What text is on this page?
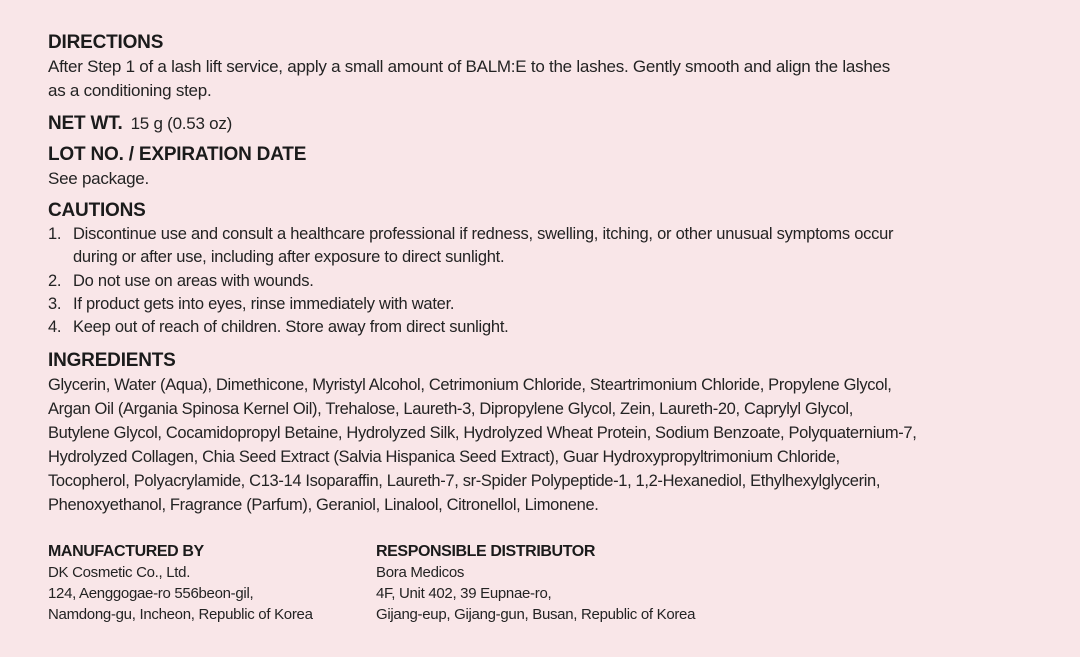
DIRECTIONS

After Step 1 of a lash lift service, apply a small amount of BALM:E to the lashes. Gently smooth and align the lashes

as a conditioning step.

NET WT. 15 g (0.53 oz)

LOT NO. / EXPIRATION DATE

See package.

CAUTIONS
1. Discontinue use and consult a healthcare professional if redness, swelling, itching, or other unusual symptoms occur during or after use, including after exposure to direct sunlight.
2. Do not use on areas with wounds.
3. If product gets into eyes, rinse immediately with water.
4. Keep out of reach of children. Store away from direct sunlight.
INGREDIENTS

Glycerin, Water (Aqua), Dimethicone, Myristyl Alcohol, Cetrimonium Chloride, Steartrimonium Chloride, Propylene Glycol,

Argan Oil (Argania Spinosa Kernel Oil), Trehalose, Laureth-3, Dipropylene Glycol, Zein, Laureth-20, Caprylyl Glycol,

Butylene Glycol, Cocamidopropyl Betaine, Hydrolyzed Silk, Hydrolyzed Wheat Protein, Sodium Benzoate, Polyquaternium-7,

Hydrolyzed Collagen, Chia Seed Extract (Salvia Hispanica Seed Extract), Guar Hydroxypropyltrimonium Chloride,

Tocopherol, Polyacrylamide, C13-14 Isoparaffin, Laureth-7, sr-Spider Polypeptide-1, 1,2-Hexanediol, Ethylhexylglycerin,

Phenoxyethanol, Fragrance (Parfum), Geraniol, Linalool, Citronellol, Limonene.

MANUFACTURED BY

DK Cosmetic Co., Ltd.

124, Aenggogae-ro 556beon-gil,

Namdong-gu, Incheon, Republic of Korea

RESPONSIBLE DISTRIBUTOR

Bora Medicos

4F, Unit 402, 39 Eupnae-ro,

Gijang-eup, Gijang-gun, Busan, Republic of Korea
